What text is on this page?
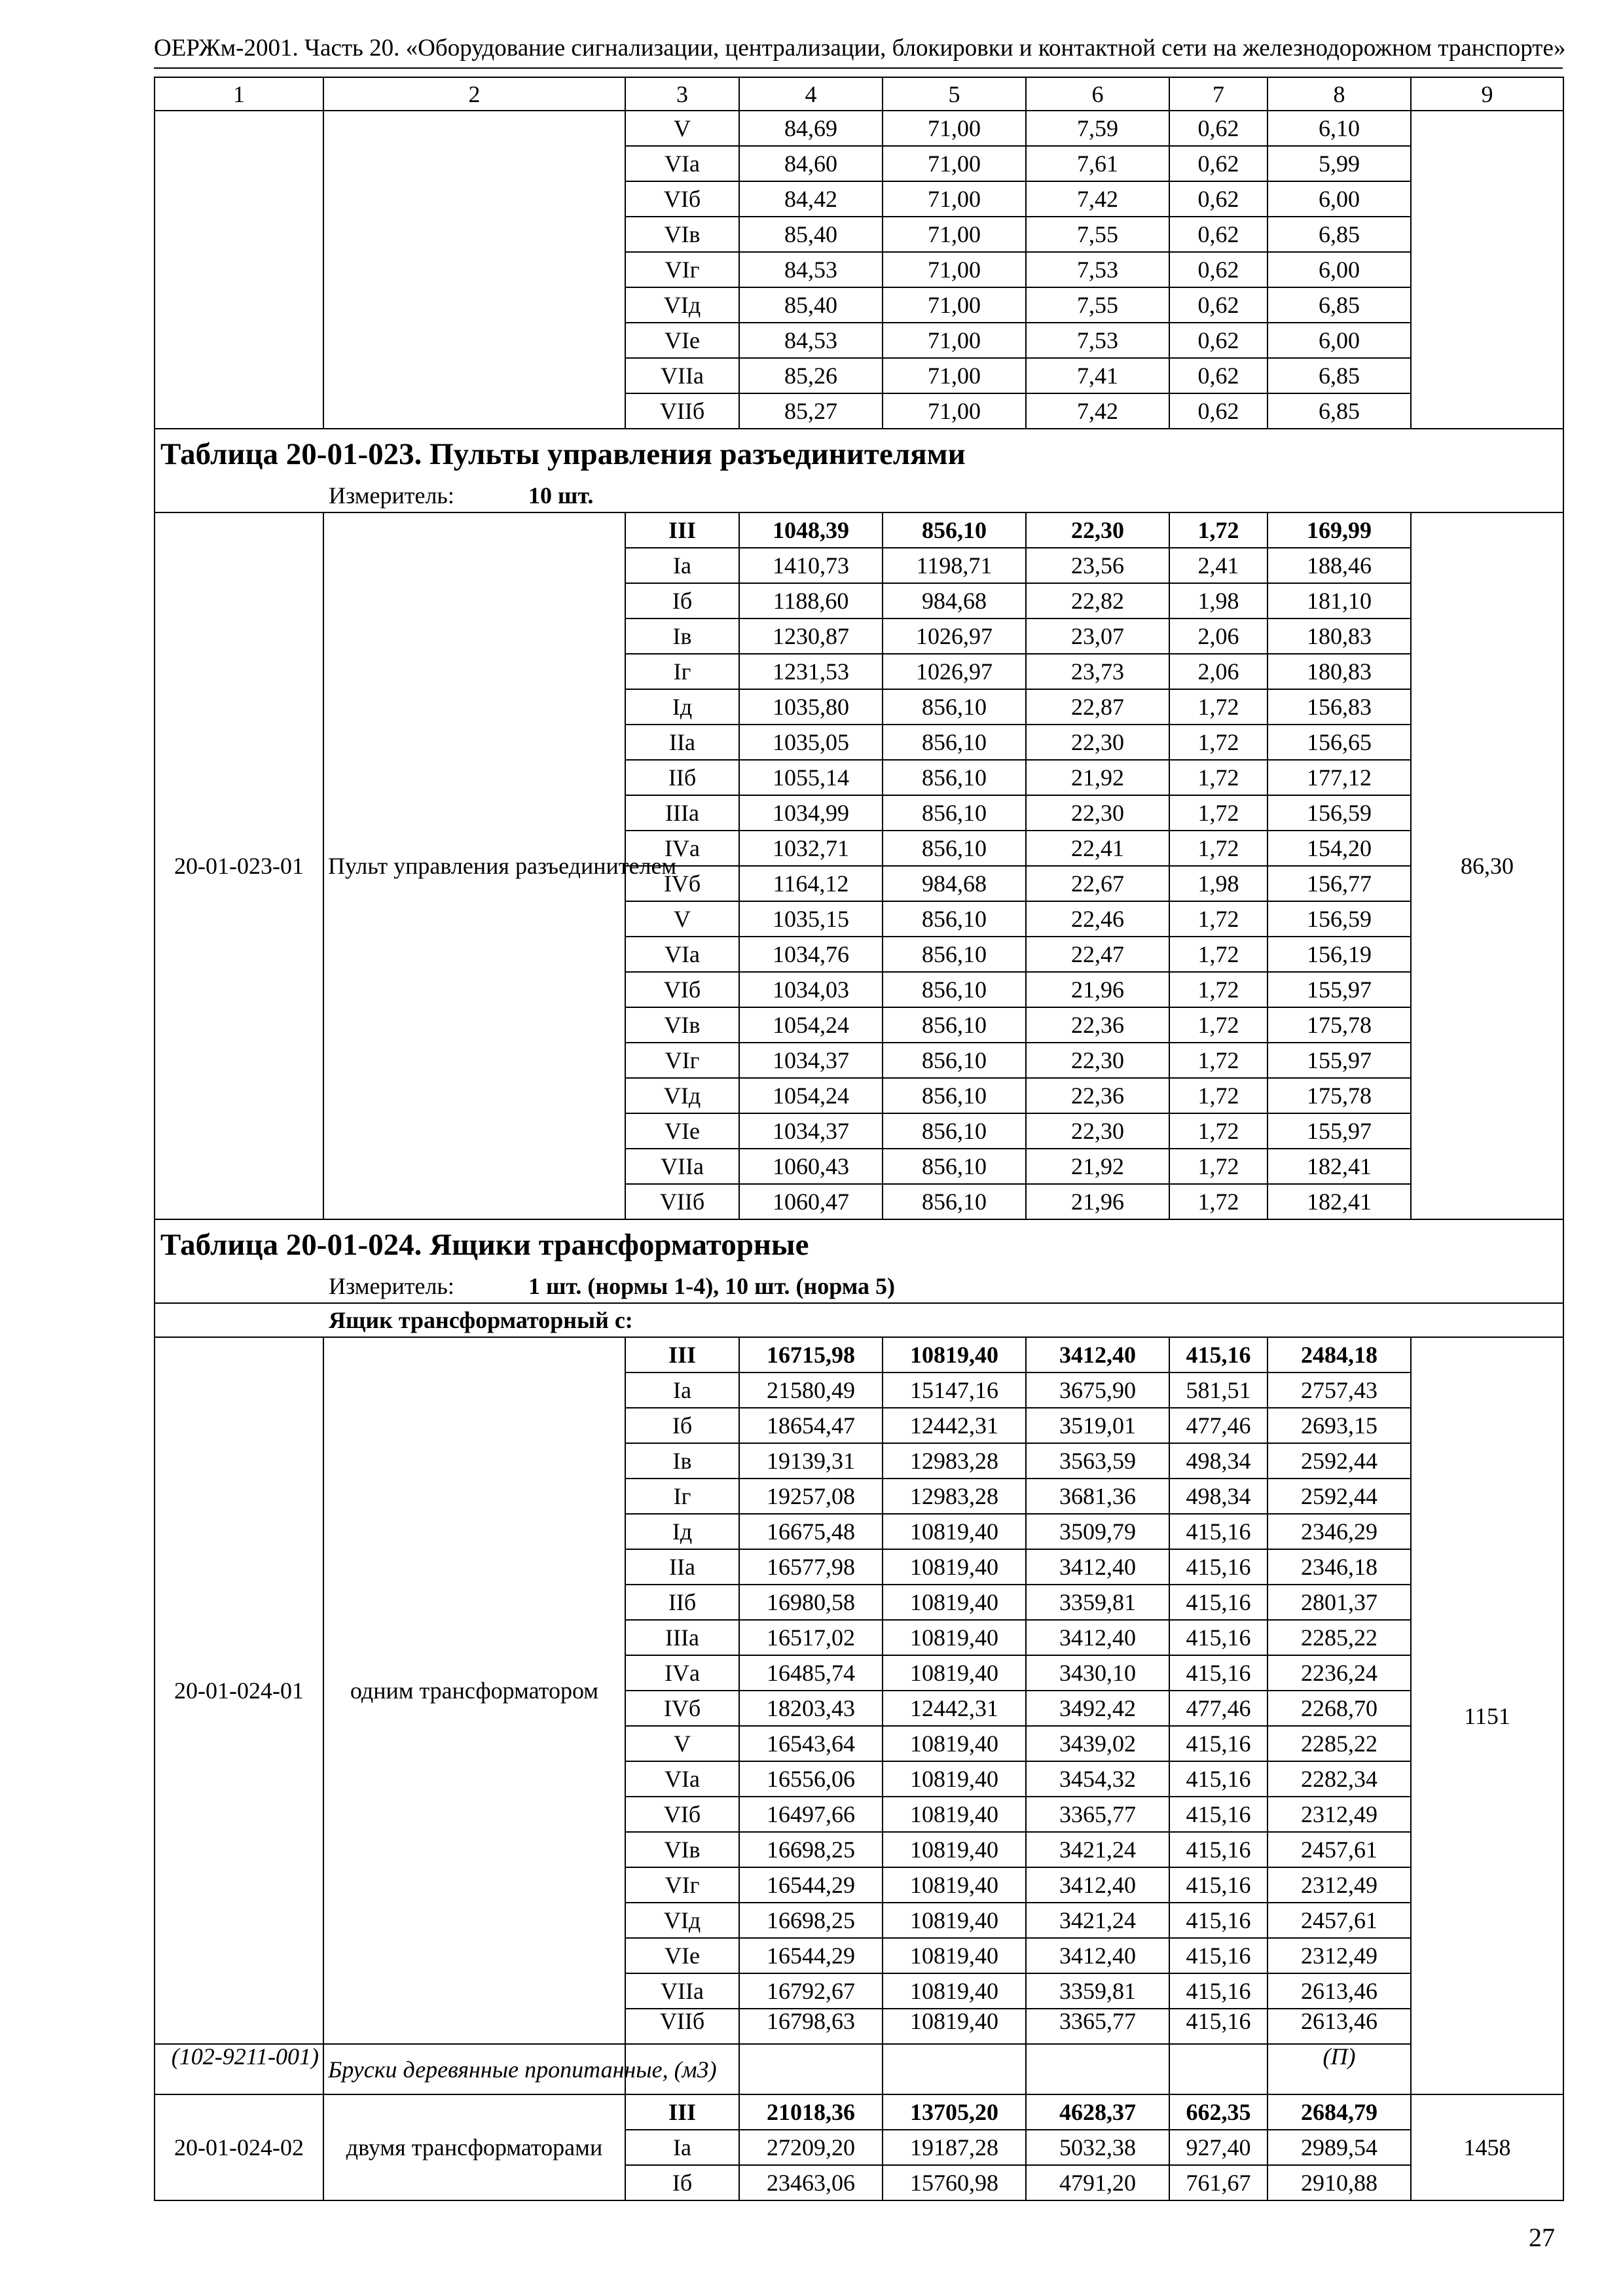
ОЕРЖм-2001. Часть 20. «Оборудование сигнализации, централизации, блокировки и контактной сети на железнодорожном транспорте»
1	2	3	4	5	6	7	8	9
		V	84,69	71,00	7,59	0,62	6,10	
		VIа	84,60	71,00	7,61	0,62	5,99	
		VIб	84,42	71,00	7,42	0,62	6,00	
		VIв	85,40	71,00	7,55	0,62	6,85	
		VIг	84,53	71,00	7,53	0,62	6,00	
		VIд	85,40	71,00	7,55	0,62	6,85	
		VIе	84,53	71,00	7,53	0,62	6,00	
		VIIа	85,26	71,00	7,41	0,62	6,85	
		VIIб	85,27	71,00	7,42	0,62	6,85	
Таблица 20-01-023. Пульты управления разъединителями								
Измеритель: 10 шт.								
20-01-023-01	Пульт управления разъединителем	III	1048,39	856,10	22,30	1,72	169,99	86,30
		Iа	1410,73	1198,71	23,56	2,41	188,46	
		Iб	1188,60	984,68	22,82	1,98	181,10	
		Iв	1230,87	1026,97	23,07	2,06	180,83	
		Iг	1231,53	1026,97	23,73	2,06	180,83	
		Iд	1035,80	856,10	22,87	1,72	156,83	
		IIа	1035,05	856,10	22,30	1,72	156,65	
		IIб	1055,14	856,10	21,92	1,72	177,12	
		IIIа	1034,99	856,10	22,30	1,72	156,59	
		IVа	1032,71	856,10	22,41	1,72	154,20	
		IVб	1164,12	984,68	22,67	1,98	156,77	
		V	1035,15	856,10	22,46	1,72	156,59	
		VIа	1034,76	856,10	22,47	1,72	156,19	
		VIб	1034,03	856,10	21,96	1,72	155,97	
		VIв	1054,24	856,10	22,36	1,72	175,78	
		VIг	1034,37	856,10	22,30	1,72	155,97	
		VIд	1054,24	856,10	22,36	1,72	175,78	
		VIе	1034,37	856,10	22,30	1,72	155,97	
		VIIа	1060,43	856,10	21,92	1,72	182,41	
		VIIб	1060,47	856,10	21,96	1,72	182,41	
Таблица 20-01-024. Ящики трансформаторные								
Измеритель: 1 шт. (нормы 1-4), 10 шт. (норма 5)								
Ящик трансформаторный с:								
20-01-024-01	одним трансформатором	III	16715,98	10819,40	3412,40	415,16	2484,18	1151
		Iа	21580,49	15147,16	3675,90	581,51	2757,43	
		Iб	18654,47	12442,31	3519,01	477,46	2693,15	
		Iв	19139,31	12983,28	3563,59	498,34	2592,44	
		Iг	19257,08	12983,28	3681,36	498,34	2592,44	
		Iд	16675,48	10819,40	3509,79	415,16	2346,29	
		IIа	16577,98	10819,40	3412,40	415,16	2346,18	
		IIб	16980,58	10819,40	3359,81	415,16	2801,37	
		IIIа	16517,02	10819,40	3412,40	415,16	2285,22	
		IVа	16485,74	10819,40	3430,10	415,16	2236,24	
		IVб	18203,43	12442,31	3492,42	477,46	2268,70	
		V	16543,64	10819,40	3439,02	415,16	2285,22	
		VIа	16556,06	10819,40	3454,32	415,16	2282,34	
		VIб	16497,66	10819,40	3365,77	415,16	2312,49	
		VIв	16698,25	10819,40	3421,24	415,16	2457,61	
		VIг	16544,29	10819,40	3412,40	415,16	2312,49	
		VIд	16698,25	10819,40	3421,24	415,16	2457,61	
		VIе	16544,29	10819,40	3412,40	415,16	2312,49	
		VIIа	16792,67	10819,40	3359,81	415,16	2613,46	
		VIIб	16798,63	10819,40	3365,77	415,16	2613,46	
(102-9211-001)	Бруски деревянные пропитанные, (м3)						(П)	
20-01-024-02	двумя трансформаторами	III	21018,36	13705,20	4628,37	662,35	2684,79	1458
		Iа	27209,20	19187,28	5032,38	927,40	2989,54	
		Iб	23463,06	15760,98	4791,20	761,67	2910,88	
27
